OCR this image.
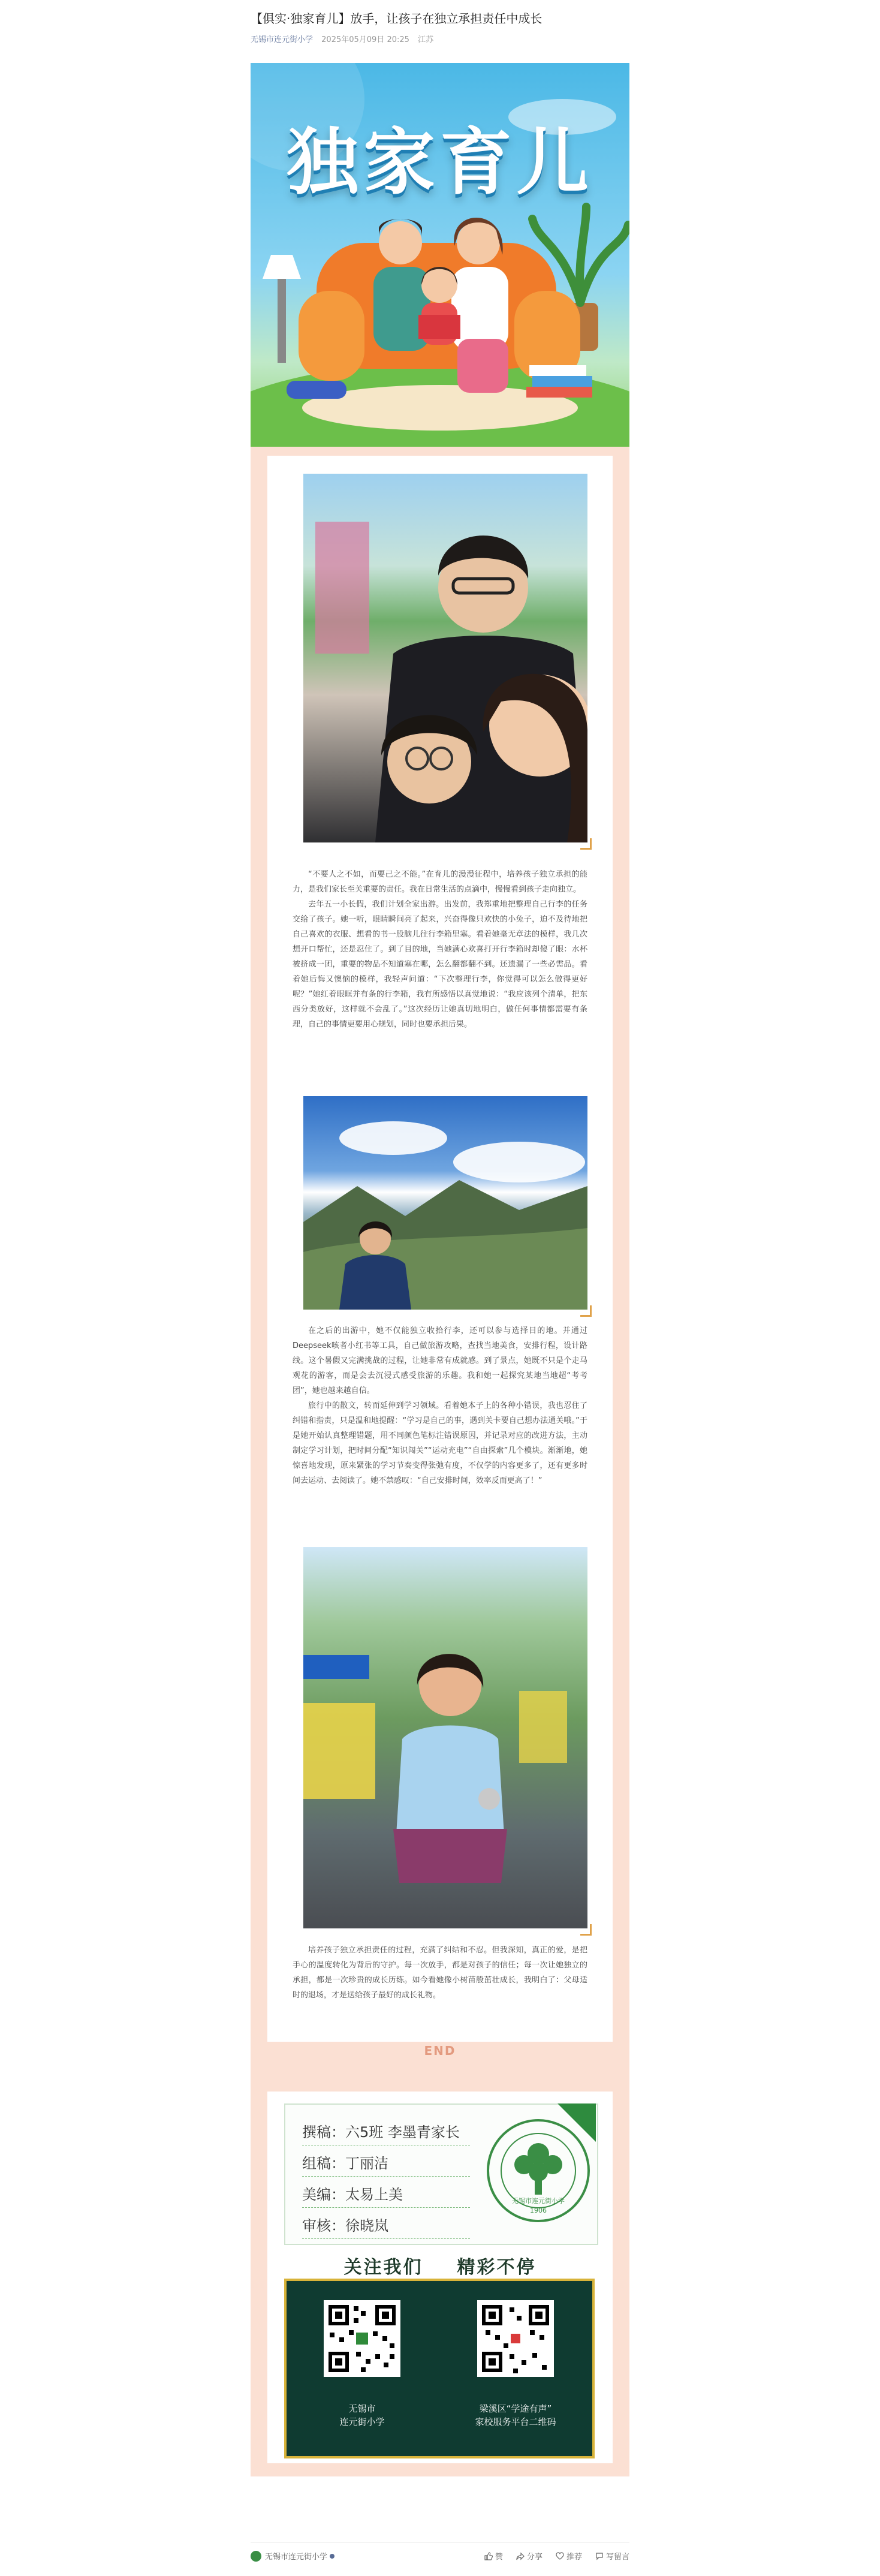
【俱实·独家育儿】放手，让孩子在独立承担责任中成长
无锡市连元街小学 2025年05月09日 20:25 江苏
独家育儿

“不要人之不如，而要己之不能。”在育儿的漫漫征程中，培养孩子独立承担的能力，是我们家长至关重要的责任。我在日常生活的点滴中，慢慢看到孩子走向独立。

去年五一小长假，我们计划全家出游。出发前，我郑重地把整理自己行李的任务交给了孩子。她一听，眼睛瞬间亮了起来，兴奋得像只欢快的小兔子，迫不及待地把自己喜欢的衣服、想看的书一股脑儿往行李箱里塞。看着她毫无章法的模样，我几次想开口帮忙，还是忍住了。到了目的地，当她满心欢喜打开行李箱时却傻了眼：水杯被挤成一团，重要的物品不知道塞在哪，怎么翻都翻不到。还遗漏了一些必需品。看着她后悔又懊恼的模样，我轻声问道：“下次整理行李，你觉得可以怎么做得更好呢？”她红着眼眶并有条的行李箱，我有所感悟以真觉地说：“我应该列个清单，把东西分类放好，这样就不会乱了。”这次经历让她真切地明白，做任何事情都需要有条理，自己的事情更要用心规划，同时也要承担后果。

在之后的出游中，她不仅能独立收拾行李，还可以参与选择目的地。并通过Deepseek咳者小红书等工具，自己做旅游攻略，查找当地美食，安排行程，设计路线。这个暑假又完满挑战的过程，让她非常有成就感。到了景点，她既不只是个走马观花的游客，而是会去沉浸式感受旅游的乐趣。我和她一起探究某地当地超“考考团”，她也越来越自信。

旅行中的散文，转而延伸到学习领域。看着她本子上的各种小错误，我也忍住了纠错和指责，只是温和地提醒：“学习是自己的事，遇到关卡要自己想办法通关哦。”于是她开始认真整理错题，用不同颜色笔标注错误原因，并记录对应的改进方法，主动制定学习计划，把时间分配“知识闯关”“运动充电”“自由探索”几个模块。渐渐地，她惊喜地发现，原来紧张的学习节奏变得张弛有度，不仅学的内容更多了，还有更多时间去运动、去阅读了。她不禁感叹：“自己安排时间，效率反而更高了！”

培养孩子独立承担责任的过程，充满了纠结和不忍。但我深知，真正的爱，是把手心的温度转化为背后的守护。每一次放手，都是对孩子的信任；每一次让她独立的承担，都是一次珍贵的成长历练。如今看她像小树苗般茁壮成长，我明白了：父母适时的退场，才是送给孩子最好的成长礼物。

END
撰稿：六5班 李墨青家长
组稿：丁丽洁
美编：太易上美
审核：徐晓岚
无锡市连元街小学
1906
关注我们 精彩不停
无锡市
连元街小学
梁溪区“学途有声”
家校服务平台二维码
无锡市连元街小学	赞	分享	推荐	写留言
